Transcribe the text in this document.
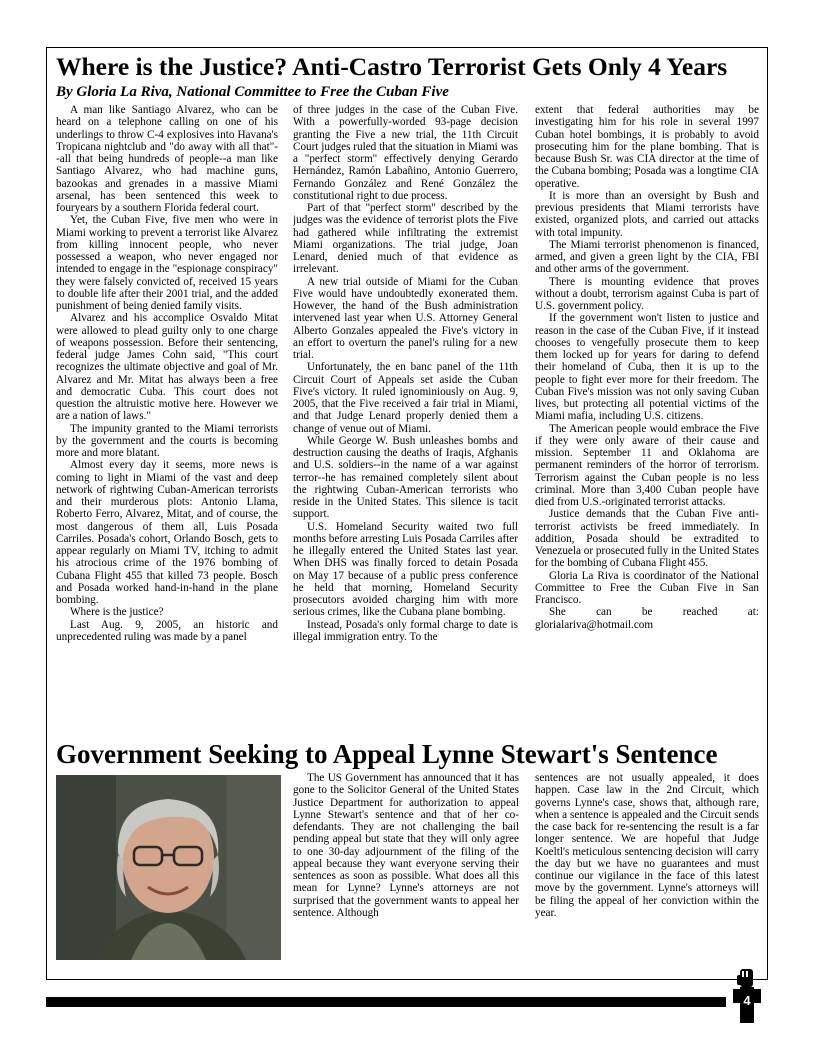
Where is the Justice? Anti-Castro Terrorist Gets Only 4 Years
By Gloria La Riva, National Committee to Free the Cuban Five

A man like Santiago Alvarez, who can be heard on a telephone calling on one of his underlings to throw C-4 explosives into Havana's Tropicana nightclub and "do away with all that"--all that being hundreds of people--a man like Santiago Alvarez, who had machine guns, bazookas and grenades in a massive Miami arsenal, has been sentenced this week to fouryears by a southern Florida federal court.

Yet, the Cuban Five, five men who were in Miami working to prevent a terrorist like Alvarez from killing innocent people, who never possessed a weapon, who never engaged nor intended to engage in the "espionage conspiracy" they were falsely convicted of, received 15 years to double life after their 2001 trial, and the added punishment of being denied family visits.

Alvarez and his accomplice Osvaldo Mitat were allowed to plead guilty only to one charge of weapons possession. Before their sentencing, federal judge James Cohn said, "This court recognizes the ultimate objective and goal of Mr. Alvarez and Mr. Mitat has always been a free and democratic Cuba. This court does not question the altruistic motive here. However we are a nation of laws."

The impunity granted to the Miami terrorists by the government and the courts is becoming more and more blatant.

Almost every day it seems, more news is coming to light in Miami of the vast and deep network of rightwing Cuban-American terrorists and their murderous plots: Antonio Llama, Roberto Ferro, Alvarez, Mitat, and of course, the most dangerous of them all, Luis Posada Carriles. Posada's cohort, Orlando Bosch, gets to appear regularly on Miami TV, itching to admit his atrocious crime of the 1976 bombing of Cubana Flight 455 that killed 73 people. Bosch and Posada worked hand-in-hand in the plane bombing.

Where is the justice?

Last Aug. 9, 2005, an historic and unprecedented ruling was made by a panel

of three judges in the case of the Cuban Five. With a powerfully-worded 93-page decision granting the Five a new trial, the 11th Circuit Court judges ruled that the situation in Miami was a "perfect storm" effectively denying Gerardo Hernández, Ramón Labañino, Antonio Guerrero, Fernando González and René González the constitutional right to due process.

Part of that "perfect storm" described by the judges was the evidence of terrorist plots the Five had gathered while infiltrating the extremist Miami organizations. The trial judge, Joan Lenard, denied much of that evidence as irrelevant.

A new trial outside of Miami for the Cuban Five would have undoubtedly exonerated them. However, the hand of the Bush administration intervened last year when U.S. Attorney General Alberto Gonzales appealed the Five's victory in an effort to overturn the panel's ruling for a new trial.

Unfortunately, the en banc panel of the 11th Circuit Court of Appeals set aside the Cuban Five's victory. It ruled ignominiously on Aug. 9, 2005, that the Five received a fair trial in Miami, and that Judge Lenard properly denied them a change of venue out of Miami.

While George W. Bush unleashes bombs and destruction causing the deaths of Iraqis, Afghanis and U.S. soldiers--in the name of a war against terror--he has remained completely silent about the rightwing Cuban-American terrorists who reside in the United States. This silence is tacit support.

U.S. Homeland Security waited two full months before arresting Luis Posada Carriles after he illegally entered the United States last year. When DHS was finally forced to detain Posada on May 17 because of a public press conference he held that morning, Homeland Security prosecutors avoided charging him with more serious crimes, like the Cubana plane bombing.

Instead, Posada's only formal charge to date is illegal immigration entry. To the

extent that federal authorities may be investigating him for his role in several 1997 Cuban hotel bombings, it is probably to avoid prosecuting him for the plane bombing. That is because Bush Sr. was CIA director at the time of the Cubana bombing; Posada was a longtime CIA operative.

It is more than an oversight by Bush and previous presidents that Miami terrorists have existed, organized plots, and carried out attacks with total impunity.

The Miami terrorist phenomenon is financed, armed, and given a green light by the CIA, FBI and other arms of the government.

There is mounting evidence that proves without a doubt, terrorism against Cuba is part of U.S. government policy.

If the government won't listen to justice and reason in the case of the Cuban Five, if it instead chooses to vengefully prosecute them to keep them locked up for years for daring to defend their homeland of Cuba, then it is up to the people to fight ever more for their freedom. The Cuban Five's mission was not only saving Cuban lives, but protecting all potential victims of the Miami mafia, including U.S. citizens.

The American people would embrace the Five if they were only aware of their cause and mission. September 11 and Oklahoma are permanent reminders of the horror of terrorism. Terrorism against the Cuban people is no less criminal. More than 3,400 Cuban people have died from U.S.-originated terrorist attacks.

Justice demands that the Cuban Five anti-terrorist activists be freed immediately. In addition, Posada should be extradited to Venezuela or prosecuted fully in the United States for the bombing of Cubana Flight 455.

Gloria La Riva is coordinator of the National Committee to Free the Cuban Five in San Francisco.

She can be reached at: glorialariva@hotmail.com

Government Seeking to Appeal Lynne Stewart's Sentence

The US Government has announced that it has gone to the Solicitor General of the United States Justice Department for authorization to appeal Lynne Stewart's sentence and that of her co-defendants. They are not challenging the bail pending appeal but state that they will only agree to one 30-day adjournment of the filing of the appeal because they want everyone serving their sentences as soon as possible. What does all this mean for Lynne? Lynne's attorneys are not surprised that the government wants to appeal her sentence. Although

sentences are not usually appealed, it does happen. Case law in the 2nd Circuit, which governs Lynne's case, shows that, although rare, when a sentence is appealed and the Circuit sends the case back for re-sentencing the result is a far longer sentence. We are hopeful that Judge Koeltl's meticulous sentencing decision will carry the day but we have no guarantees and must continue our vigilance in the face of this latest move by the government. Lynne's attorneys will be filing the appeal of her conviction within the year.

4
